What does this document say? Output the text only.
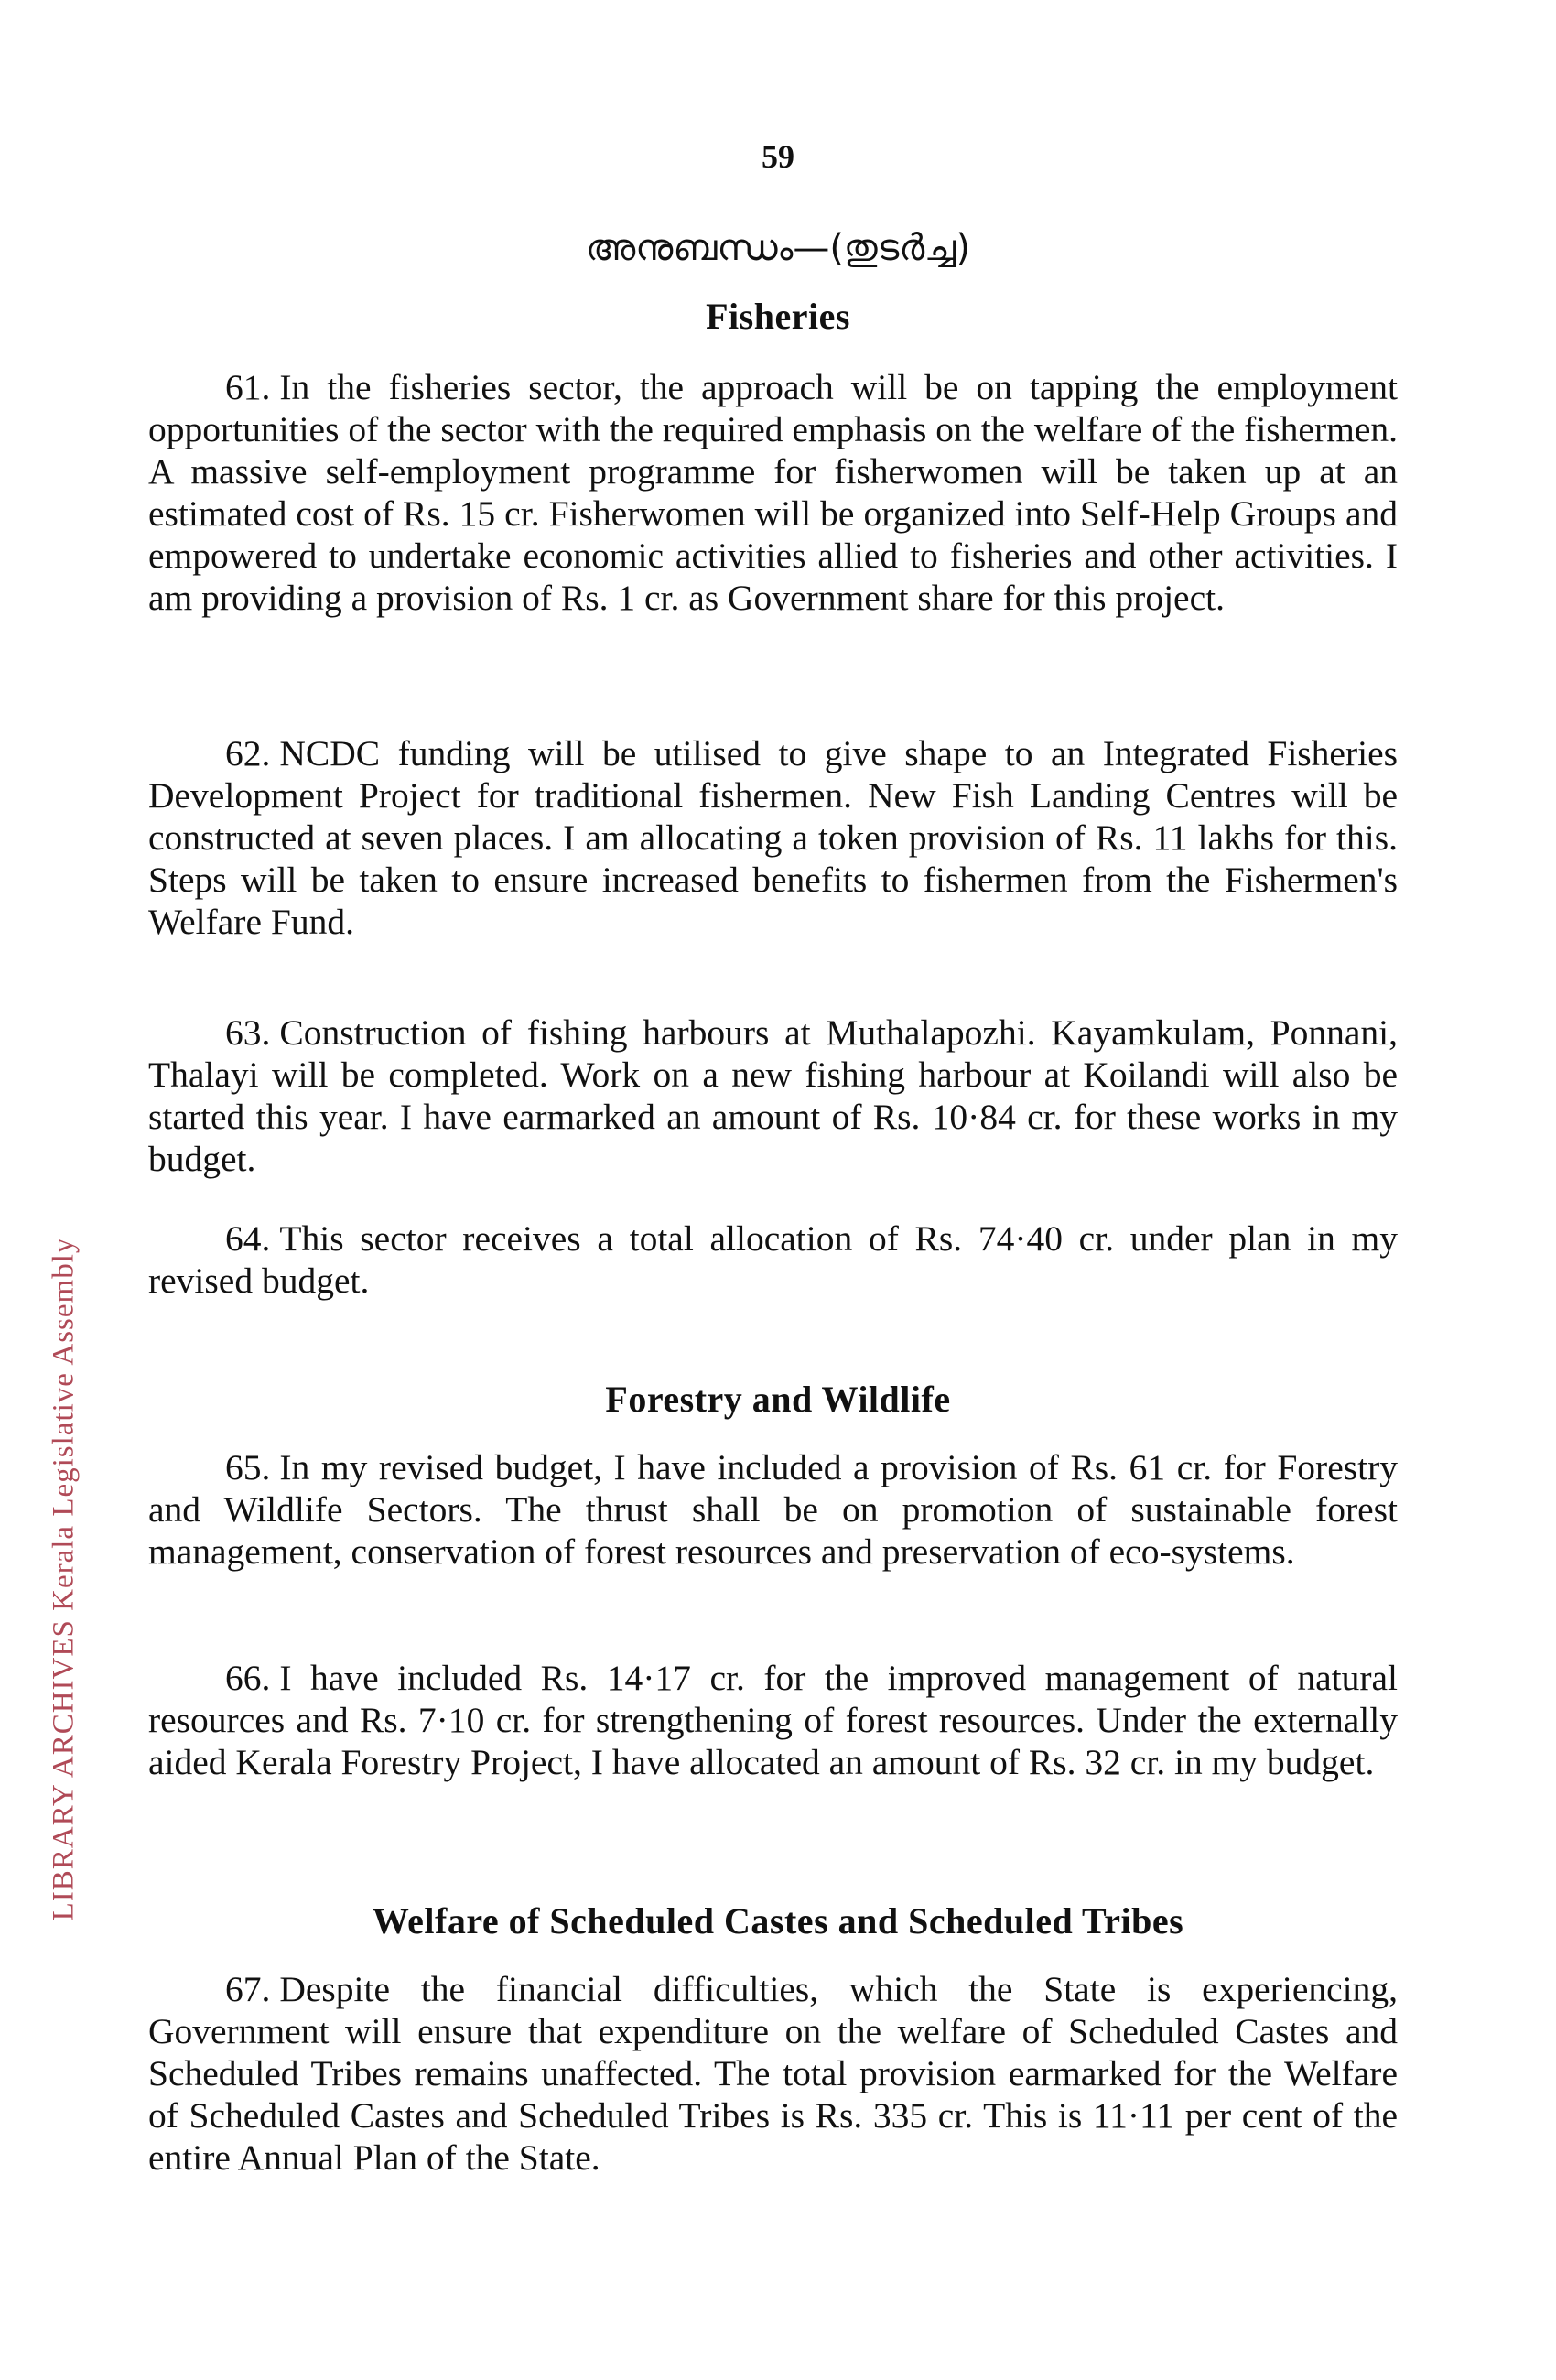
59
അനുബന്ധം—(തുടർച്ച)
Fisheries

61. In the fisheries sector, the approach will be on tapping the employment opportunities of the sector with the required emphasis on the welfare of the fishermen. A massive self-employment programme for fisherwomen will be taken up at an estimated cost of Rs. 15 cr. Fisherwomen will be organized into Self-Help Groups and empowered to undertake economic activities allied to fisheries and other activities. I am providing a provision of Rs. 1 cr. as Government share for this project.

62. NCDC funding will be utilised to give shape to an Integrated Fisheries Development Project for traditional fishermen. New Fish Landing Centres will be constructed at seven places. I am allocating a token provision of Rs. 11 lakhs for this. Steps will be taken to ensure increased benefits to fishermen from the Fishermen's Welfare Fund.

63. Construction of fishing harbours at Muthalapozhi. Kayamkulam, Ponnani, Thalayi will be completed. Work on a new fishing harbour at Koilandi will also be started this year. I have earmarked an amount of Rs. 10·84 cr. for these works in my budget.

64. This sector receives a total allocation of Rs. 74·40 cr. under plan in my revised budget.

Forestry and Wildlife

65. In my revised budget, I have included a provision of Rs. 61 cr. for Forestry and Wildlife Sectors. The thrust shall be on promotion of sustainable forest management, conservation of forest resources and preservation of eco-systems.

66. I have included Rs. 14·17 cr. for the improved management of natural resources and Rs. 7·10 cr. for strengthening of forest resources. Under the externally aided Kerala Forestry Project, I have allocated an amount of Rs. 32 cr. in my budget.

Welfare of Scheduled Castes and Scheduled Tribes

67. Despite the financial difficulties, which the State is experiencing, Government will ensure that expenditure on the welfare of Scheduled Castes and Scheduled Tribes remains unaffected. The total provision earmarked for the Welfare of Scheduled Castes and Scheduled Tribes is Rs. 335 cr. This is 11·11 per cent of the entire Annual Plan of the State.

LIBRARY ARCHIVES Kerala Legislative Assembly
